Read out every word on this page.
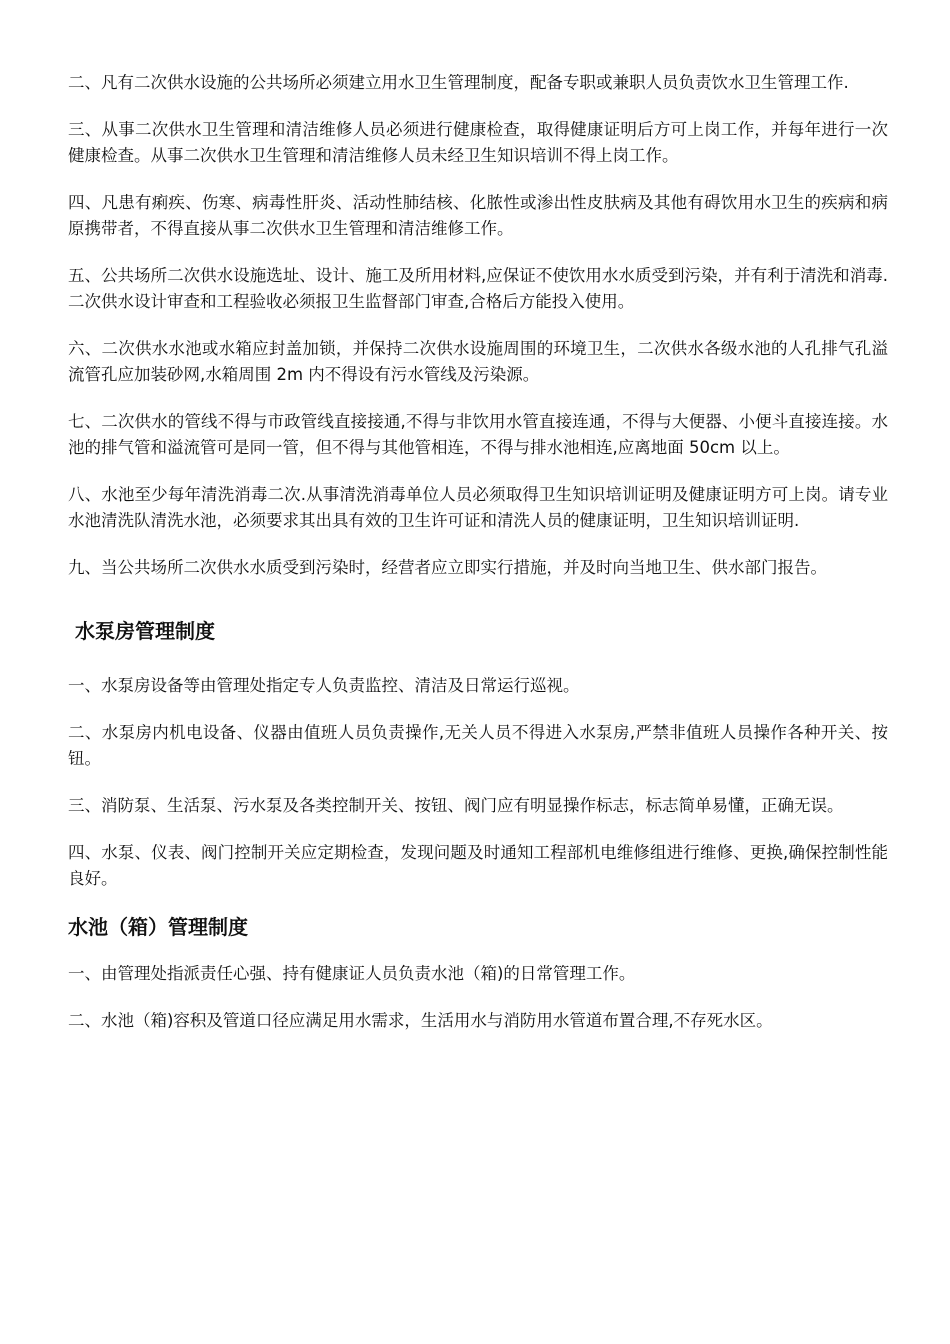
二、凡有二次供水设施的公共场所必须建立用水卫生管理制度，配备专职或兼职人员负责饮水卫生管理工作.

三、从事二次供水卫生管理和清洁维修人员必须进行健康检查，取得健康证明后方可上岗工作，并每年进行一次健康检查。从事二次供水卫生管理和清洁维修人员未经卫生知识培训不得上岗工作。

四、凡患有痢疾、伤寒、病毒性肝炎、活动性肺结核、化脓性或渗出性皮肤病及其他有碍饮用水卫生的疾病和病原携带者，不得直接从事二次供水卫生管理和清洁维修工作。

五、公共场所二次供水设施选址、设计、施工及所用材料,应保证不使饮用水水质受到污染，并有利于清洗和消毒.二次供水设计审查和工程验收必须报卫生监督部门审查,合格后方能投入使用。

六、二次供水水池或水箱应封盖加锁，并保持二次供水设施周围的环境卫生，二次供水各级水池的人孔排气孔溢流管孔应加装砂网,水箱周围 2m 内不得设有污水管线及污染源。

七、二次供水的管线不得与市政管线直接接通,不得与非饮用水管直接连通，不得与大便器、小便斗直接连接。水池的排气管和溢流管可是同一管，但不得与其他管相连，不得与排水池相连,应离地面 50cm 以上。

八、水池至少每年清洗消毒二次.从事清洗消毒单位人员必须取得卫生知识培训证明及健康证明方可上岗。请专业水池清洗队清洗水池，必须要求其出具有效的卫生许可证和清洗人员的健康证明，卫生知识培训证明.

九、当公共场所二次供水水质受到污染时，经营者应立即实行措施，并及时向当地卫生、供水部门报告。

水泵房管理制度

一、水泵房设备等由管理处指定专人负责监控、清洁及日常运行巡视。

二、水泵房内机电设备、仪器由值班人员负责操作,无关人员不得进入水泵房,严禁非值班人员操作各种开关、按钮。

三、消防泵、生活泵、污水泵及各类控制开关、按钮、阀门应有明显操作标志，标志简单易懂，正确无误。

四、水泵、仪表、阀门控制开关应定期检查，发现问题及时通知工程部机电维修组进行维修、更换,确保控制性能良好。

水池（箱）管理制度

一、由管理处指派责任心强、持有健康证人员负责水池（箱)的日常管理工作。

二、水池（箱)容积及管道口径应满足用水需求，生活用水与消防用水管道布置合理,不存死水区。
